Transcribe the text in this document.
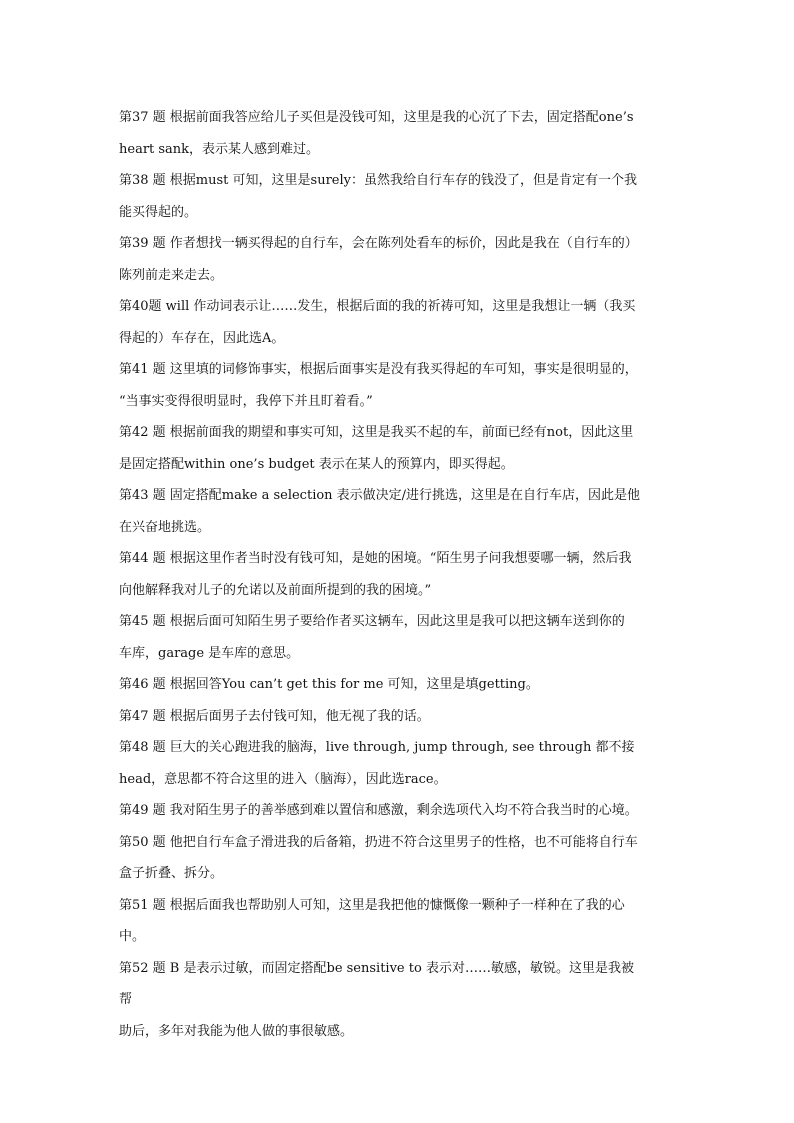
第37 题 根据前面我答应给儿子买但是没钱可知，这里是我的心沉了下去，固定搭配one’s
heart sank，表示某人感到难过。
第38 题 根据must 可知，这里是surely：虽然我给自行车存的钱没了，但是肯定有一个我
能买得起的。
第39 题 作者想找一辆买得起的自行车，会在陈列处看车的标价，因此是我在（自行车的）
陈列前走来走去。
第40题 will 作动词表示让……发生，根据后面的我的祈祷可知，这里是我想让一辆（我买
得起的）车存在，因此选A。
第41 题 这里填的词修饰事实，根据后面事实是没有我买得起的车可知，事实是很明显的，
“当事实变得很明显时，我停下并且盯着看。”
第42 题 根据前面我的期望和事实可知，这里是我买不起的车，前面已经有not，因此这里
是固定搭配within one’s budget 表示在某人的预算内，即买得起。
第43 题 固定搭配make a selection 表示做决定/进行挑选，这里是在自行车店，因此是他
在兴奋地挑选。
第44 题 根据这里作者当时没有钱可知，是她的困境。“陌生男子问我想要哪一辆，然后我
向他解释我对儿子的允诺以及前面所提到的我的困境。”
第45 题 根据后面可知陌生男子要给作者买这辆车，因此这里是我可以把这辆车送到你的
车库，garage 是车库的意思。
第46 题 根据回答You can’t get this for me 可知，这里是填getting。
第47 题 根据后面男子去付钱可知，他无视了我的话。
第48 题 巨大的关心跑进我的脑海，live through, jump through, see through 都不接
head，意思都不符合这里的进入（脑海），因此选race。
第49 题 我对陌生男子的善举感到难以置信和感激，剩余选项代入均不符合我当时的心境。
第50 题 他把自行车盒子滑进我的后备箱，扔进不符合这里男子的性格，也不可能将自行车
盒子折叠、拆分。
第51 题 根据后面我也帮助别人可知，这里是我把他的慷慨像一颗种子一样种在了我的心
中。
第52 题 B 是表示过敏，而固定搭配be sensitive to 表示对……敏感，敏锐。这里是我被
帮
助后，多年对我能为他人做的事很敏感。
